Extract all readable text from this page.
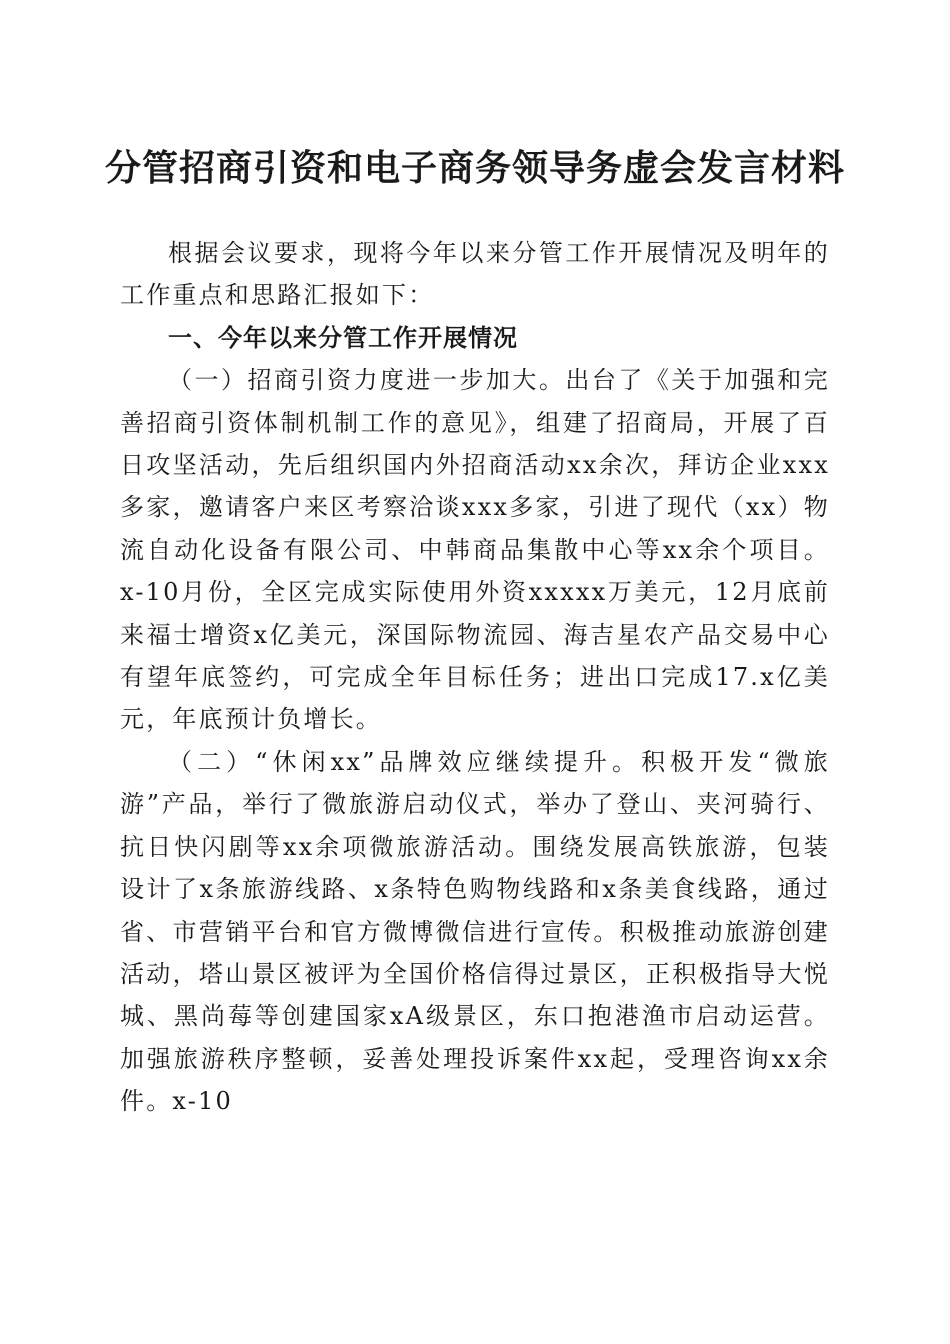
分管招商引资和电子商务领导务虚会发言材料

根据会议要求，现将今年以来分管工作开展情况及明年的工作重点和思路汇报如下：

一、今年以来分管工作开展情况

（一）招商引资力度进一步加大。出台了《关于加强和完善招商引资体制机制工作的意见》，组建了招商局，开展了百日攻坚活动，先后组织国内外招商活动xx余次，拜访企业xxx多家，邀请客户来区考察洽谈xxx多家，引进了现代（xx）物流自动化设备有限公司、中韩商品集散中心等xx余个项目。x-10月份，全区完成实际使用外资xxxxx万美元，12月底前来福士增资x亿美元，深国际物流园、海吉星农产品交易中心有望年底签约，可完成全年目标任务；进出口完成17.x亿美元，年底预计负增长。

（二）“休闲xx”品牌效应继续提升。积极开发“微旅游”产品，举行了微旅游启动仪式，举办了登山、夹河骑行、抗日快闪剧等xx余项微旅游活动。围绕发展高铁旅游，包装设计了x条旅游线路、x条特色购物线路和x条美食线路，通过省、市营销平台和官方微博微信进行宣传。积极推动旅游创建活动，塔山景区被评为全国价格信得过景区，正积极指导大悦城、黑尚莓等创建国家xA级景区，东口抱港渔市启动运营。加强旅游秩序整顿，妥善处理投诉案件xx起，受理咨询xx余件。x-10
